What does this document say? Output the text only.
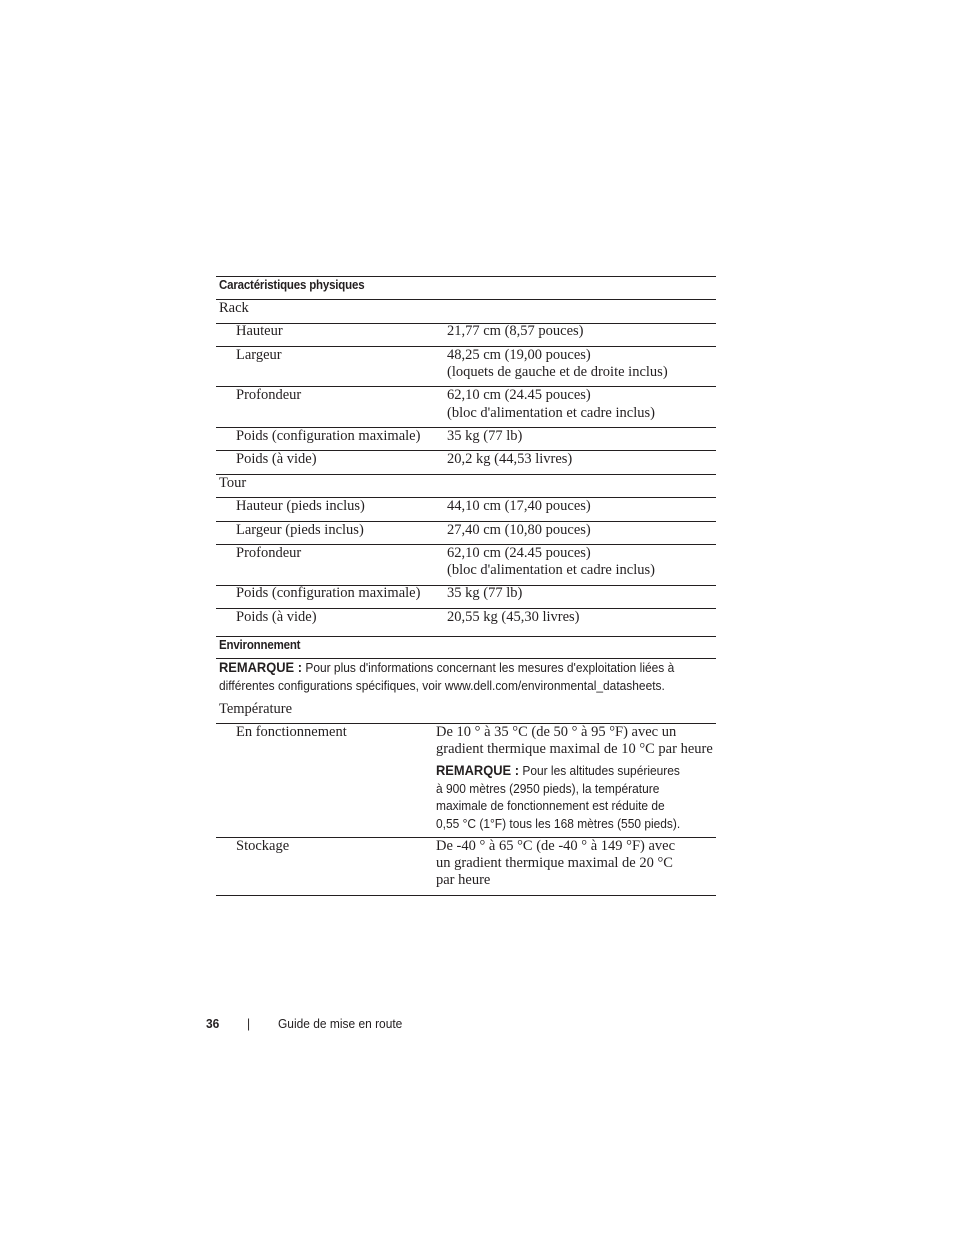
Caractéristiques physiques
Rack
Hauteur	21,77 cm (8,57 pouces)
Largeur	48,25 cm (19,00 pouces)
(loquets de gauche et de droite inclus)
Profondeur	62,10 cm (24.45 pouces)
(bloc d'alimentation et cadre inclus)
Poids (configuration maximale) 35 kg (77 lb)
Poids (à vide)	20,2 kg (44,53 livres)
Tour
Hauteur (pieds inclus)	44,10 cm (17,40 pouces)
Largeur (pieds inclus)	27,40 cm (10,80 pouces)
Profondeur	62,10 cm (24.45 pouces)
(bloc d'alimentation et cadre inclus)
Poids (configuration maximale) 35 kg (77 lb)
Poids (à vide)	20,55 kg (45,30 livres)
Environnement
REMARQUE : Pour plus d'informations concernant les mesures d'exploitation liées à
différentes configurations spécifiques, voir www.dell.com/environmental_datasheets.
Température
En fonctionnement	De 10 ° à 35 °C (de 50 ° à 95 °F) avec un
gradient thermique maximal de 10 °C par heure
REMARQUE : Pour les altitudes supérieures
à 900 mètres (2950 pieds), la température
maximale de fonctionnement est réduite de
0,55 °C (1°F) tous les 168 mètres (550 pieds).
Stockage	De -40 ° à 65 °C (de -40 ° à 149 °F) avec
un gradient thermique maximal de 20 °C
par heure
36 | Guide de mise en route
